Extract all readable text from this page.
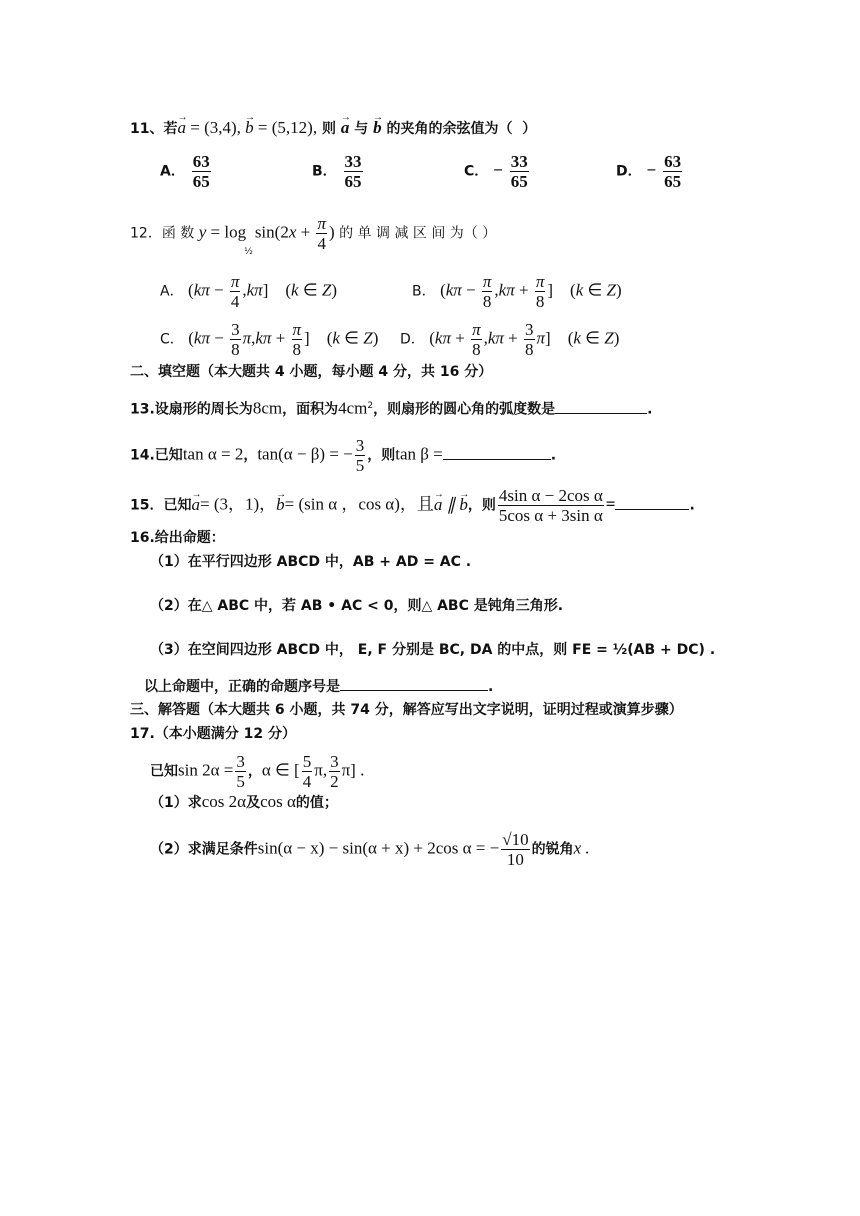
11、若→ a = (3,4), → b = (5,12), 则 → a 与 → b 的夹角的余弦值为（  ）
A． $\frac{63}{65}$	B． $\frac{33}{65}$	C． − $\frac{33}{65}$	D． − $\frac{63}{65}$
12．函 数 $y = \log_{\frac{1}{2}}\sin(2x + \frac{\pi}{4}$ ) 的 单 调 减 区 间 为（ ）
A． $(k\pi - \frac{\pi}{4} ,k\pi]$    (k ∈ Z)	B． ($k\pi - \frac{\pi}{8} ,k\pi + \frac{\pi}{8}$ ]    (k ∈ Z)
C． ($k\pi - \frac{3}{8} \pi,k\pi + \frac{\pi}{8}$ ]    (k ∈ Z) D． $(k\pi + \frac{\pi}{8} ,k\pi + \frac{3}{8} \pi]$    (k ∈ Z)
二、填空题（本大题共 4 小题，每小题 4 分，共 16 分）
13.设扇形的周长为8cm，面积为$4cm^2$，则扇形的圆心角的弧度数是	.
14.已知tan α = 2，tan(α − β) = − $\frac{3}{5}$ ，则tan β =	.
15．已知→ a= (3，1)，→ b= (sin α ，cos α)，且→ a ∥ → b，则 $\frac{\text{4sin α − 2cos α}}{\text{5cos α + 3sin α}}$ =	.
16.给出命题：
（1）在平行四边形 ABCD 中，AB + AD = AC .
（2）在△ ABC 中，若 AB • AC < 0，则△ ABC 是钝角三角形.
（3）在空间四边形 ABCD 中， E, F 分别是 BC, DA 的中点，则 FE = ½(AB + DC) .
以上命题中，正确的命题序号是	.
三、解答题（本大题共 6 小题，共 74 分，解答应写出文字说明，证明过程或演算步骤）
17.（本小题满分 12 分）
已知$\sin 2\alpha = \frac{3}{5}$ ，α ∈ [ $\frac{5}{4} \pi$, $\frac{3}{2} \pi$] .
（1）求cos 2α及cos α的值；
（2）求满足条件sin(α − x) − sin(α + x) + 2cos α = − $\frac{√10}{10}$ 的锐角x .
